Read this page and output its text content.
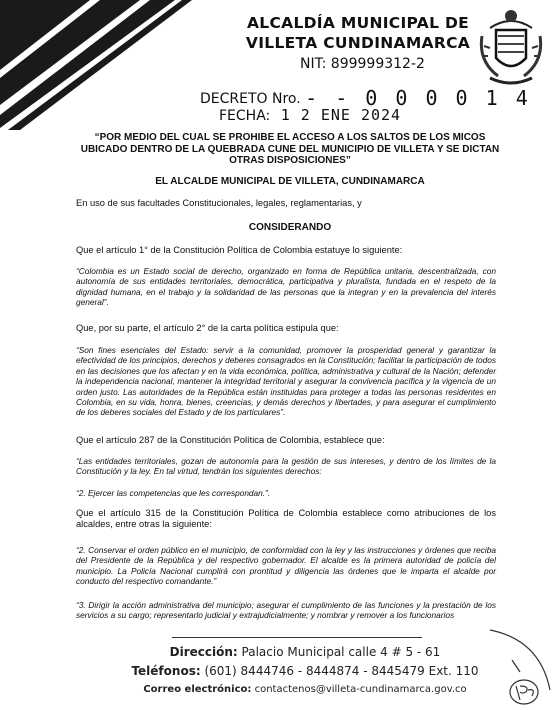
ALCALDÍA MUNICIPAL DE
VILLETA CUNDINAMARCA
NIT: 899999312-2
DECRETO Nro. - - 0 0 0 0 1 4
FECHA: 1 2 ENE 2024
“POR MEDIO DEL CUAL SE PROHIBE EL ACCESO A LOS SALTOS DE LOS MICOS
UBICADO DENTRO DE LA QUEBRADA CUNE DEL MUNICIPIO DE VILLETA Y SE DICTAN
OTRAS DISPOSICIONES”
EL ALCALDE MUNICIPAL DE VILLETA, CUNDINAMARCA
En uso de sus facultades Constitucionales, legales, reglamentarias, y
CONSIDERANDO
Que el artículo 1° de la Constitución Política de Colombia estatuye lo siguiente:
“Colombia es un Estado social de derecho, organizado en forma de República unitaria, descentralizada, con autonomía de sus entidades territoriales, democrática, participativa y pluralista, fundada en el respeto de la dignidad humana, en el trabajo y la solidaridad de las personas que la integran y en la prevalencia del interés general”.
Que, por su parte, el artículo 2° de la carta política estipula que:
“Son fines esenciales del Estado: servir a la comunidad, promover la prosperidad general y garantizar la efectividad de los principios, derechos y deberes consagrados en la Constitución; facilitar la participación de todos en las decisiones que los afectan y en la vida económica, política, administrativa y cultural de la Nación; defender la independencia nacional, mantener la integridad territorial y asegurar la convivencia pacífica y la vigencia de un orden justo. Las autoridades de la República están instituidas para proteger a todas las personas residentes en Colombia, en su vida, honra, bienes, creencias, y demás derechos y libertades, y para asegurar el cumplimiento de los deberes sociales del Estado y de los particulares”.
Que el artículo 287 de la Constitución Política de Colombia, establece que:
“Las entidades territoriales, gozan de autonomía para la gestión de sus intereses, y dentro de los límites de la Constitución y la ley. En tal virtud, tendrán los siguientes derechos:
“2. Ejercer las competencias que les correspondan.”.
Que el artículo 315 de la Constitución Política de Colombia establece como atribuciones de los alcaldes, entre otras la siguiente:
“2. Conservar el orden público en el municipio, de conformidad con la ley y las instrucciones y órdenes que reciba del Presidente de la República y del respectivo gobernador. El alcalde es la primera autoridad de policía del municipio. La Policía Nacional cumplirá con prontitud y diligencia las órdenes que le imparta el alcalde por conducto del respectivo comandante.”
“3. Dirigir la acción administrativa del municipio; asegurar el cumplimiento de las funciones y la prestación de los servicios a su cargo; representarlo judicial y extrajudicialmente; y nombrar y remover a los funcionarios
Dirección: Palacio Municipal calle 4 # 5 - 61
Teléfonos: (601) 8444746 - 8444874 - 8445479 Ext. 110
Correo electrónico: contactenos@villeta-cundinamarca.gov.co
